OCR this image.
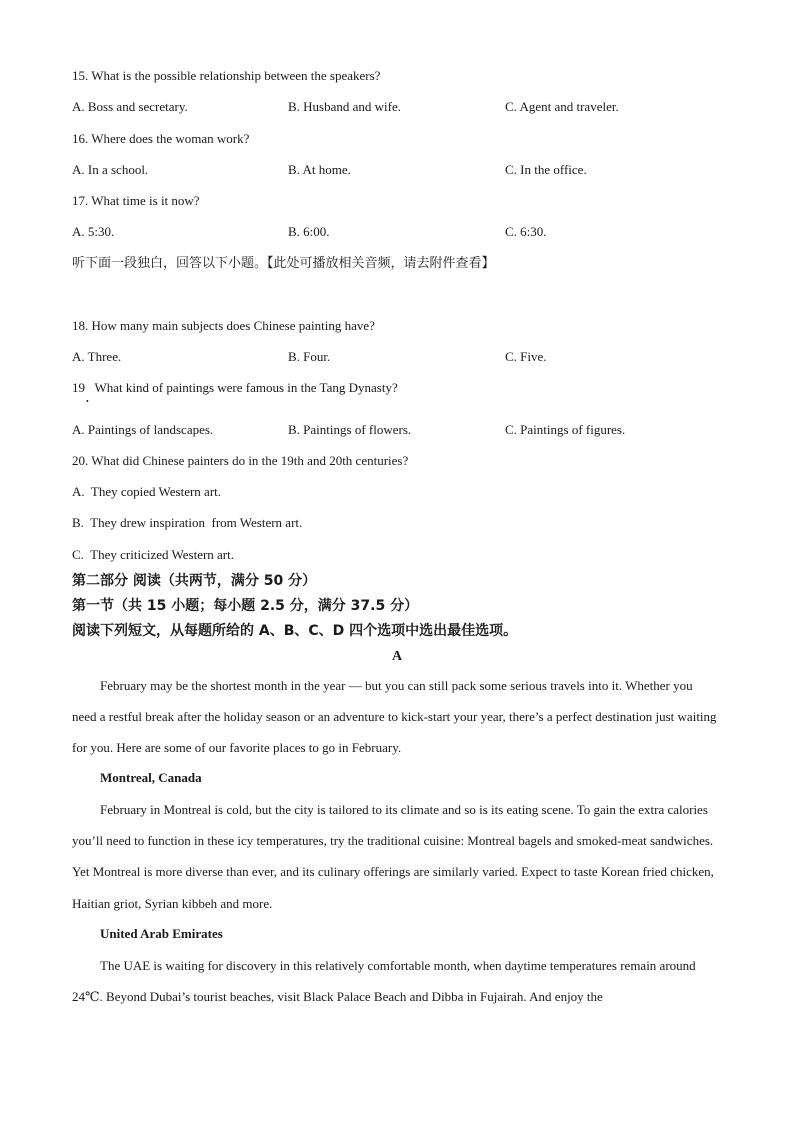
15. What is the possible relationship between the speakers?
A. Boss and secretary.	B. Husband and wife.	C. Agent and traveler.
16. Where does the woman work?
A. In a school.	B. At home.	C. In the office.
17. What time is it now?
A. 5:30.	B. 6:00.	C. 6:30.
听下面一段独白，回答以下小题。【此处可播放相关音频，请去附件查看】
18. How many main subjects does Chinese painting have?
A. Three.	B. Four.	C. Five.
19   What kind of paintings were famous in the Tang Dynasty?
•
A. Paintings of landscapes.	B. Paintings of flowers.	C. Paintings of figures.
20. What did Chinese painters do in the 19th and 20th centuries?
A.  They copied Western art.
B.  They drew inspiration  from Western art.
C.  They criticized Western art.
第二部分 阅读（共两节，满分 50 分）
第一节（共 15 小题；每小题 2.5 分，满分 37.5 分）
阅读下列短文，从每题所给的 A、B、C、D 四个选项中选出最佳选项。
A
February may be the shortest month in the year — but you can still pack some serious travels into it. Whether you need a restful break after the holiday season or an adventure to kick-start your year, there’s a perfect destination just waiting for you. Here are some of our favorite places to go in February.
Montreal, Canada
February in Montreal is cold, but the city is tailored to its climate and so is its eating scene. To gain the extra calories you’ll need to function in these icy temperatures, try the traditional cuisine: Montreal bagels and smoked-meat sandwiches. Yet Montreal is more diverse than ever, and its culinary offerings are similarly varied. Expect to taste Korean fried chicken, Haitian griot, Syrian kibbeh and more.
United Arab Emirates
The UAE is waiting for discovery in this relatively comfortable month, when daytime temperatures remain around 24℃. Beyond Dubai’s tourist beaches, visit Black Palace Beach and Dibba in Fujairah. And enjoy the
